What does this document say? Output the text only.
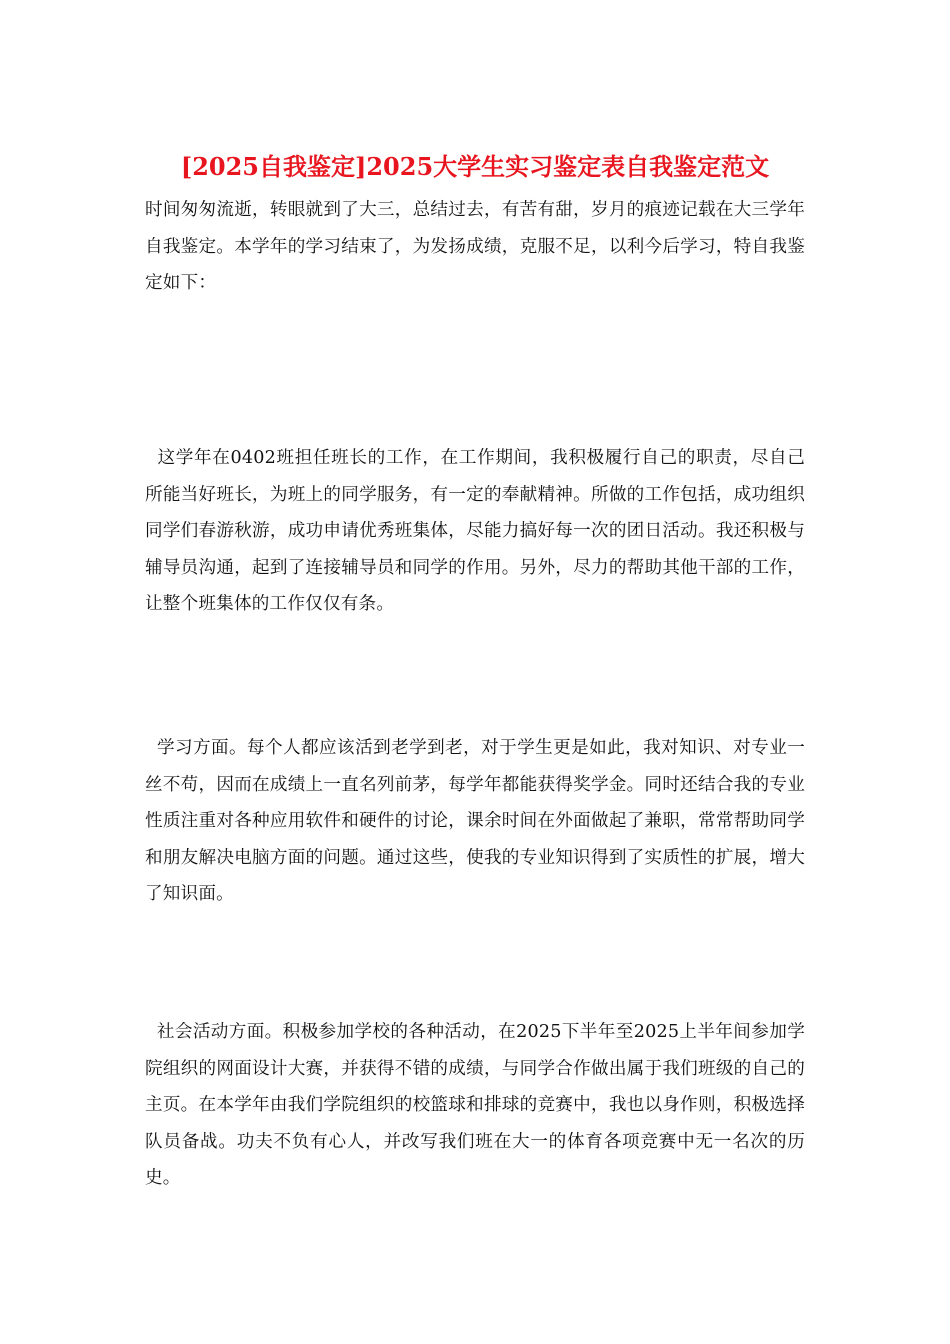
[2025自我鉴定]2025大学生实习鉴定表自我鉴定范文

时间匆匆流逝，转眼就到了大三，总结过去，有苦有甜，岁月的痕迹记载在大三学年自我鉴定。本学年的学习结束了，为发扬成绩，克服不足，以利今后学习，特自我鉴定如下：

这学年在0402班担任班长的工作，在工作期间，我积极履行自己的职责，尽自己所能当好班长，为班上的同学服务，有一定的奉献精神。所做的工作包括，成功组织同学们春游秋游，成功申请优秀班集体，尽能力搞好每一次的团日活动。我还积极与辅导员沟通，起到了连接辅导员和同学的作用。另外，尽力的帮助其他干部的工作，让整个班集体的工作仅仅有条。

学习方面。每个人都应该活到老学到老，对于学生更是如此，我对知识、对专业一丝不苟，因而在成绩上一直名列前茅，每学年都能获得奖学金。同时还结合我的专业性质注重对各种应用软件和硬件的讨论，课余时间在外面做起了兼职，常常帮助同学和朋友解决电脑方面的问题。通过这些，使我的专业知识得到了实质性的扩展，增大了知识面。

社会活动方面。积极参加学校的各种活动，在2025下半年至2025上半年间参加学院组织的网面设计大赛，并获得不错的成绩，与同学合作做出属于我们班级的自己的主页。在本学年由我们学院组织的校篮球和排球的竞赛中，我也以身作则，积极选择队员备战。功夫不负有心人，并改写我们班在大一的体育各项竞赛中无一名次的历史。
